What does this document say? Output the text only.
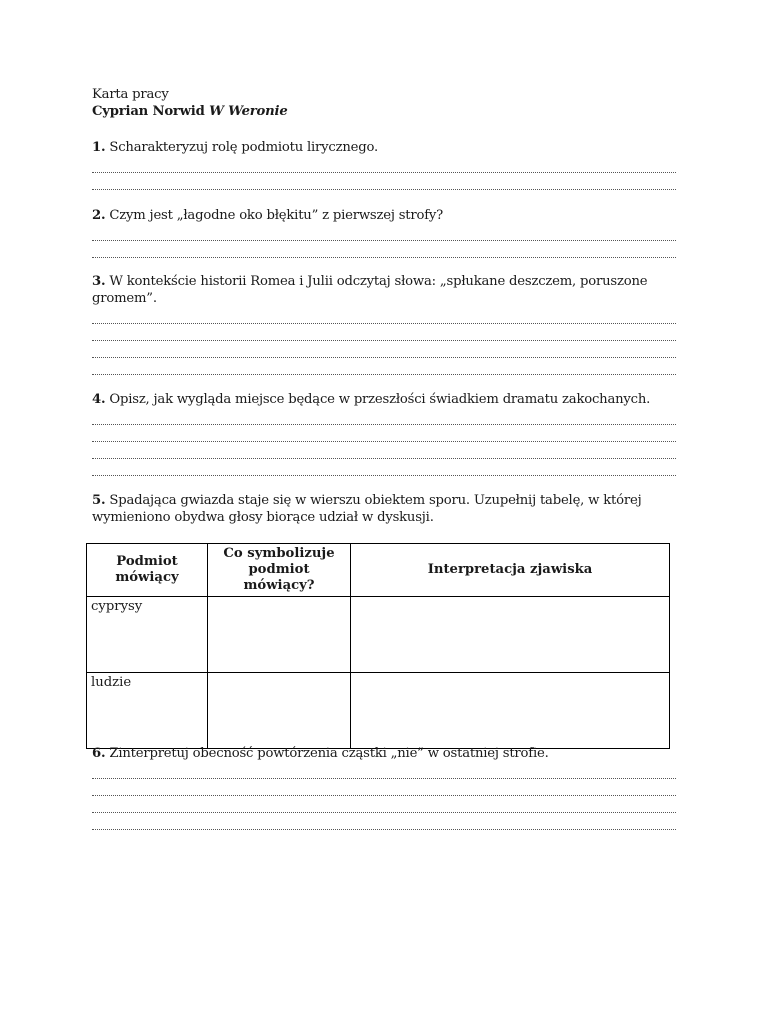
Karta pracy

Cyprian Norwid W Weronie

1. Scharakteryzuj rolę podmiotu lirycznego.

2. Czym jest „łagodne oko błękitu” z pierwszej strofy?

3. W kontekście historii Romea i Julii odczytaj słowa: „spłukane deszczem, poruszone

gromem”.

4. Opisz, jak wygląda miejsce będące w przeszłości świadkiem dramatu zakochanych.

5. Spadająca gwiazda staje się w wierszu obiektem sporu. Uzupełnij tabelę, w której

wymieniono obydwa głosy biorące udział w dyskusji.

Podmiot mówiący	Co symbolizuje podmiot mówiący?	Interpretacja zjawiska
cyprysy		
ludzie		

6. Zinterpretuj obecność powtórzenia cząstki „nie” w ostatniej strofie.
